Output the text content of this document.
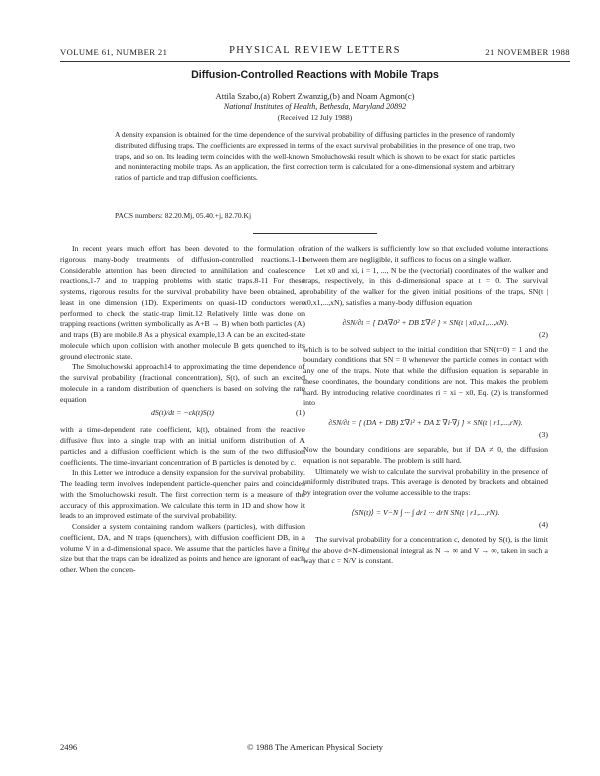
VOLUME 61, NUMBER 21	PHYSICAL REVIEW LETTERS	21 NOVEMBER 1988
Diffusion-Controlled Reactions with Mobile Traps
Attila Szabo,(a) Robert Zwanzig,(b) and Noam Agmon(c)
National Institutes of Health, Bethesda, Maryland 20892
(Received 12 July 1988)
A density expansion is obtained for the time dependence of the survival probability of diffusing particles in the presence of randomly distributed diffusing traps. The coefficients are expressed in terms of the exact survival probabilities in the presence of one trap, two traps, and so on. Its leading term coincides with the well-known Smoluchowski result which is shown to be exact for static particles and noninteracting mobile traps. As an application, the first correction term is calculated for a one-dimensional system and arbitrary ratios of particle and trap diffusion coefficients.
PACS numbers: 82.20.Mj, 05.40.+j, 82.70.Kj

In recent years much effort has been devoted to the formulation of rigorous many-body treatments of diffusion-controlled reactions.1-11 Considerable attention has been directed to annihilation and coalescence reactions,1-7 and to trapping problems with static traps.8-11 For these systems, rigorous results for the survival probability have been obtained, at least in one dimension (1D). Experiments on quasi-1D conductors were performed to check the static-trap limit.12 Relatively little was done on trapping reactions (written symbolically as A+B → B) when both particles (A) and traps (B) are mobile.8 As a physical example,13 A can be an excited-state molecule which upon collision with another molecule B gets quenched to its ground electronic state.

The Smoluchowski approach14 to approximating the time dependence of the survival probability (fractional concentration), S(t), of such an excited molecule in a random distribution of quenchers is based on solving the rate equation

dS(t)/dt = −ck(t)S(t)	(1)

with a time-dependent rate coefficient, k(t), obtained from the reactive diffusive flux into a single trap with an initial uniform distribution of A particles and a diffusion coefficient which is the sum of the two diffusion coefficients. The time-invariant concentration of B particles is denoted by c.

In this Letter we introduce a density expansion for the survival probability. The leading term involves independent particle-quencher pairs and coincides with the Smoluchowski result. The first correction term is a measure of the accuracy of this approximation. We calculate this term in 1D and show how it leads to an improved estimate of the survival probability.

Consider a system containing random walkers (particles), with diffusion coefficient, DA, and N traps (quenchers), with diffusion coefficient DB, in a volume V in a d-dimensional space. We assume that the particles have a finite size but that the traps can be idealized as points and hence are ignorant of each other. When the concen-

tration of the walkers is sufficiently low so that excluded volume interactions between them are negligible, it suffices to focus on a single walker.

Let x0 and xi, i = 1, ..., N be the (vectorial) coordinates of the walker and traps, respectively, in this d-dimensional space at t = 0. The survival probability of the walker for the given initial positions of the traps, SN(t | x0,x1,...,xN), satisfies a many-body diffusion equation

∂SN/∂t = [ DA∇0² + DB Σ∇i² ] × SN(t | x0,x1,...,xN).
(2)

which is to be solved subject to the initial condition that SN(t=0) = 1 and the boundary conditions that SN = 0 whenever the particle comes in contact with any one of the traps. Note that while the diffusion equation is separable in these coordinates, the boundary conditions are not. This makes the problem hard. By introducing relative coordinates ri = xi − x0, Eq. (2) is transformed into

∂SN/∂t = [ (DA + DB) Σ∇i² + DA Σ ∇i·∇j ] × SN(t | r1,...,rN).
(3)

Now the boundary conditions are separable, but if DA ≠ 0, the diffusion equation is not separable. The problem is still hard.

Ultimately we wish to calculate the survival probability in the presence of uniformly distributed traps. This average is denoted by brackets and obtained by integration over the volume accessible to the traps:

⟨SN(t)⟩ = V−N ∫ ··· ∫ dr1 ··· drN SN(t | r1,...,rN).
(4)

The survival probability for a concentration c, denoted by S(t), is the limit of the above d×N-dimensional integral as N → ∞ and V → ∞, taken in such a way that c = N/V is constant.

2496	© 1988 The American Physical Society
